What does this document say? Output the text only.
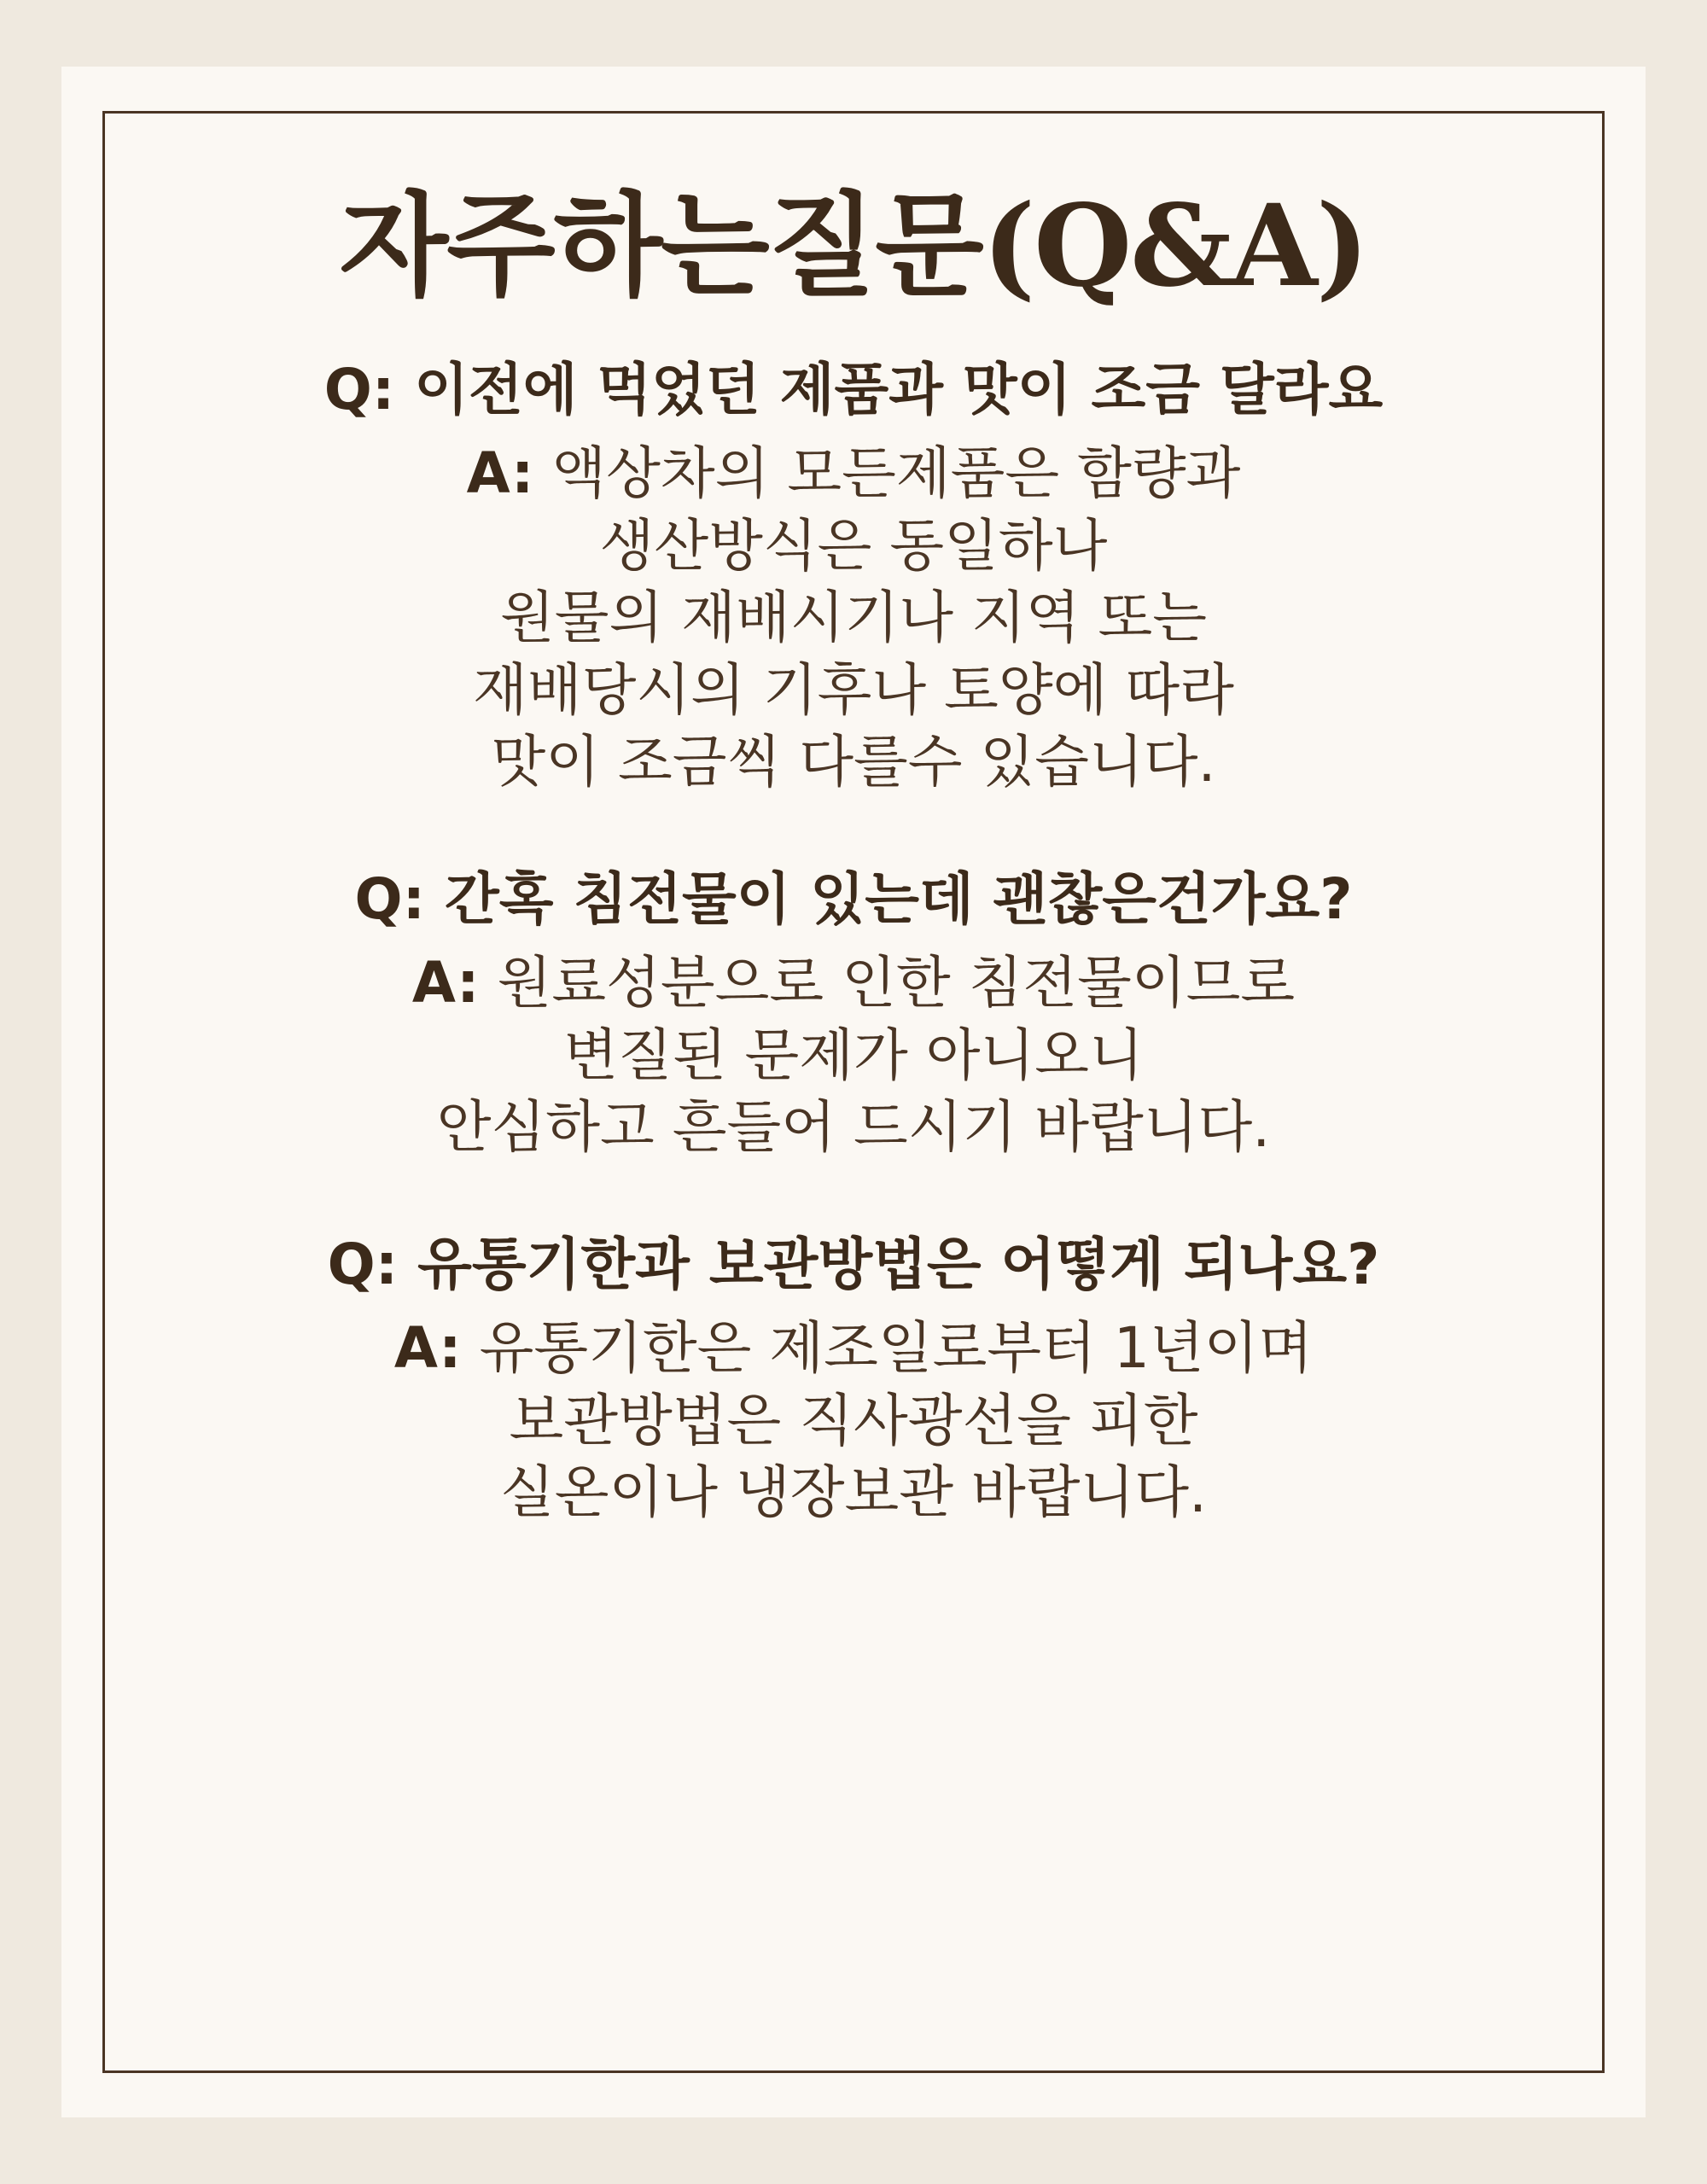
자주하는질문(Q&A)
Q: 이전에 먹었던 제품과 맛이 조금 달라요
A: 액상차의 모든제품은 함량과
생산방식은 동일하나
원물의 재배시기나 지역 또는
재배당시의 기후나 토양에 따라
맛이 조금씩 다를수 있습니다.
Q: 간혹 침전물이 있는데 괜찮은건가요?
A: 원료성분으로 인한 침전물이므로
변질된 문제가 아니오니
안심하고 흔들어 드시기 바랍니다.
Q: 유통기한과 보관방법은 어떻게 되나요?
A: 유통기한은 제조일로부터 1년이며
보관방법은 직사광선을 피한
실온이나 냉장보관 바랍니다.
